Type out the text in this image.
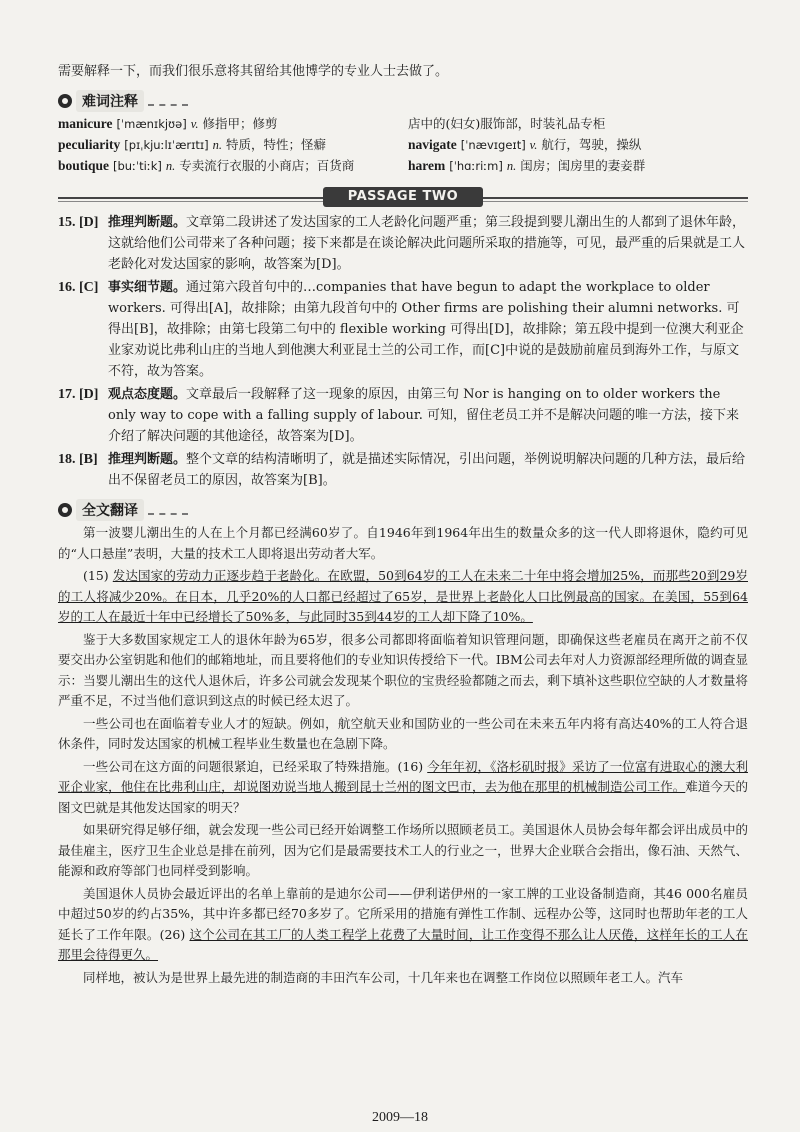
需要解释一下，而我们很乐意将其留给其他博学的专业人士去做了。

难词注释
manicure [ˈmænɪkjʊə] v. 修指甲；修剪	店中的(妇女)服饰部，时装礼品专柜
peculiarity [pɪˌkjuːlɪˈærɪtɪ] n. 特质，特性；怪癖	navigate [ˈnævɪgeɪt] v. 航行，驾驶，操纵
boutique [buːˈtiːk] n. 专卖流行衣服的小商店；百货商	harem [ˈhɑːriːm] n. 闺房；闺房里的妻妾群
PASSAGE TWO
15. [D] 推理判断题。文章第二段讲述了发达国家的工人老龄化问题严重；第三段提到婴儿潮出生的人都到了退休年龄，这就给他们公司带来了各种问题；接下来都是在谈论解决此问题所采取的措施等，可见，最严重的后果就是工人老龄化对发达国家的影响，故答案为[D]。
16. [C] 事实细节题。通过第六段首句中的…companies that have begun to adapt the workplace to older workers. 可得出[A]，故排除；由第九段首句中的 Other firms are polishing their alumni networks. 可得出[B]，故排除；由第七段第二句中的 flexible working 可得出[D]，故排除；第五段中提到一位澳大利亚企业家劝说比弗利山庄的当地人到他澳大利亚昆士兰的公司工作，而[C]中说的是鼓励前雇员到海外工作，与原文不符，故为答案。
17. [D] 观点态度题。文章最后一段解释了这一现象的原因，由第三句 Nor is hanging on to older workers the only way to cope with a falling supply of labour. 可知，留住老员工并不是解决问题的唯一方法，接下来介绍了解决问题的其他途径，故答案为[D]。
18. [B] 推理判断题。整个文章的结构清晰明了，就是描述实际情况，引出问题，举例说明解决问题的几种方法，最后给出不保留老员工的原因，故答案为[B]。
全文翻译

第一波婴儿潮出生的人在上个月都已经满60岁了。自1946年到1964年出生的数量众多的这一代人即将退休，隐约可见的“人口悬崖”表明，大量的技术工人即将退出劳动者大军。

(15) 发达国家的劳动力正逐步趋于老龄化。在欧盟，50到64岁的工人在未来二十年中将会增加25%，而那些20到29岁的工人将减少20%。在日本，几乎20%的人口都已经超过了65岁，是世界上老龄化人口比例最高的国家。在美国，55到64岁的工人在最近十年中已经增长了50%多，与此同时35到44岁的工人却下降了10%。

鉴于大多数国家规定工人的退休年龄为65岁，很多公司都即将面临着知识管理问题，即确保这些老雇员在离开之前不仅要交出办公室钥匙和他们的邮箱地址，而且要将他们的专业知识传授给下一代。IBM公司去年对人力资源部经理所做的调查显示：当婴儿潮出生的这代人退休后，许多公司就会发现某个职位的宝贵经验都随之而去，剩下填补这些职位空缺的人才数量将严重不足，不过当他们意识到这点的时候已经太迟了。

一些公司也在面临着专业人才的短缺。例如，航空航天业和国防业的一些公司在未来五年内将有高达40%的工人符合退休条件，同时发达国家的机械工程毕业生数量也在急剧下降。

一些公司在这方面的问题很紧迫，已经采取了特殊措施。(16) 今年年初，《洛杉矶时报》采访了一位富有进取心的澳大利亚企业家，他住在比弗利山庄，却说图劝说当地人搬到昆士兰州的图文巴市，去为他在那里的机械制造公司工作。难道今天的图文巴就是其他发达国家的明天？

如果研究得足够仔细，就会发现一些公司已经开始调整工作场所以照顾老员工。美国退休人员协会每年都会评出成员中的最佳雇主，医疗卫生企业总是排在前列，因为它们是最需要技术工人的行业之一，世界大企业联合会指出，像石油、天然气、能源和政府等部门也同样受到影响。

美国退休人员协会最近评出的名单上靠前的是迪尔公司——伊利诺伊州的一家工牌的工业设备制造商，其46 000名雇员中超过50岁的约占35%，其中许多都已经70多岁了。它所采用的措施有弹性工作制、远程办公等，这同时也帮助年老的工人延长了工作年限。(26) 这个公司在其工厂的人类工程学上花费了大量时间，让工作变得不那么让人厌倦，这样年长的工人在那里会待得更久。

同样地，被认为是世界上最先进的制造商的丰田汽车公司，十几年来也在调整工作岗位以照顾年老工人。汽车

2009—18
